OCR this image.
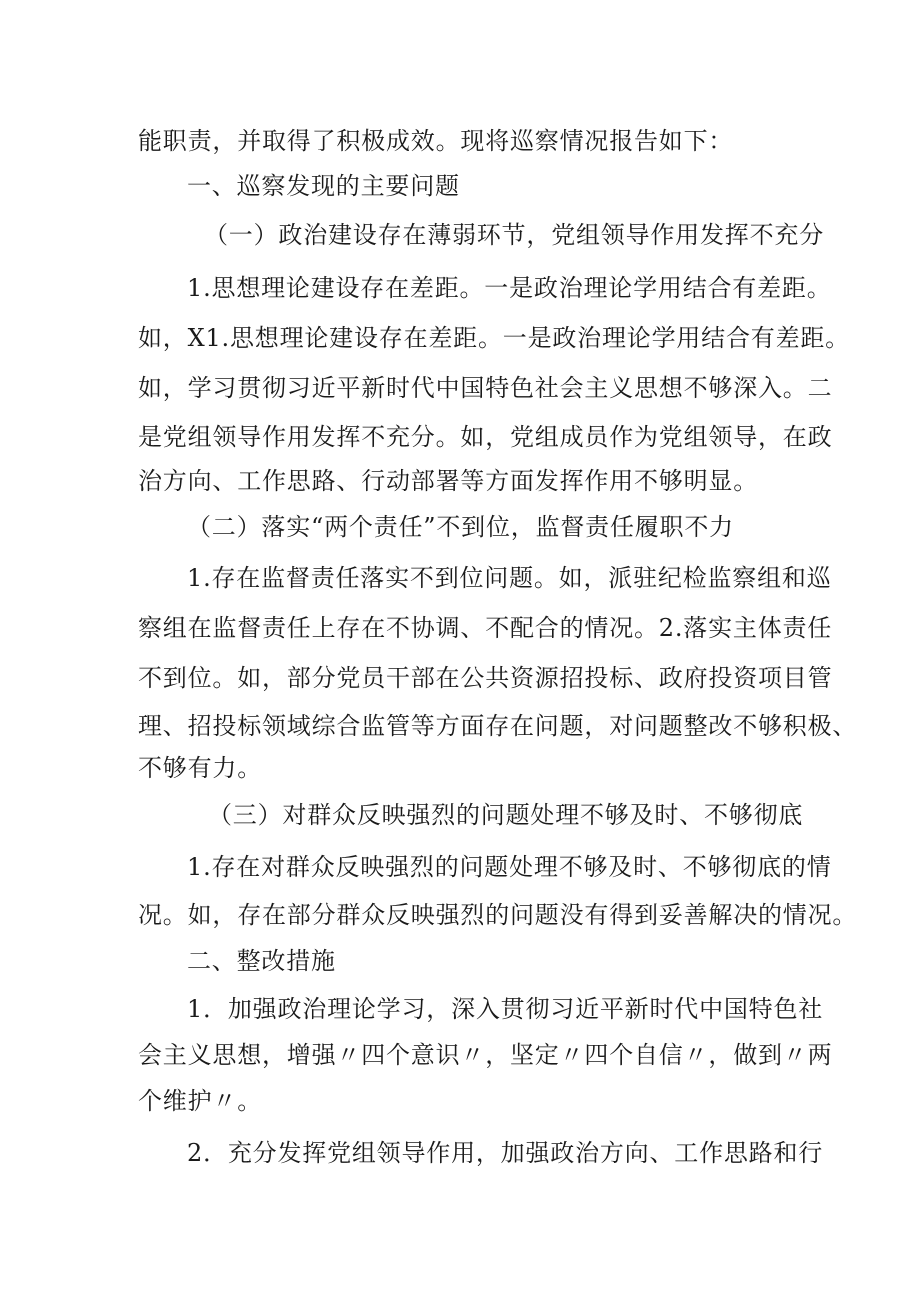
能职责，并取得了积极成效。现将巡察情况报告如下：
一、巡察发现的主要问题
（一）政治建设存在薄弱环节，党组领导作用发挥不充分
1.思想理论建设存在差距。一是政治理论学用结合有差距。
如，X1.思想理论建设存在差距。一是政治理论学用结合有差距。
如，学习贯彻习近平新时代中国特色社会主义思想不够深入。二
是党组领导作用发挥不充分。如，党组成员作为党组领导，在政
治方向、工作思路、行动部署等方面发挥作用不够明显。
（二）落实“两个责任”不到位，监督责任履职不力
1.存在监督责任落实不到位问题。如，派驻纪检监察组和巡
察组在监督责任上存在不协调、不配合的情况。2.落实主体责任
不到位。如，部分党员干部在公共资源招投标、政府投资项目管
理、招投标领域综合监管等方面存在问题，对问题整改不够积极、
不够有力。
（三）对群众反映强烈的问题处理不够及时、不够彻底
1.存在对群众反映强烈的问题处理不够及时、不够彻底的情
况。如，存在部分群众反映强烈的问题没有得到妥善解决的情况。
二、整改措施
1．加强政治理论学习，深入贯彻习近平新时代中国特色社
会主义思想，增强〃四个意识〃，坚定〃四个自信〃，做到〃两
个维护〃。
2．充分发挥党组领导作用，加强政治方向、工作思路和行
